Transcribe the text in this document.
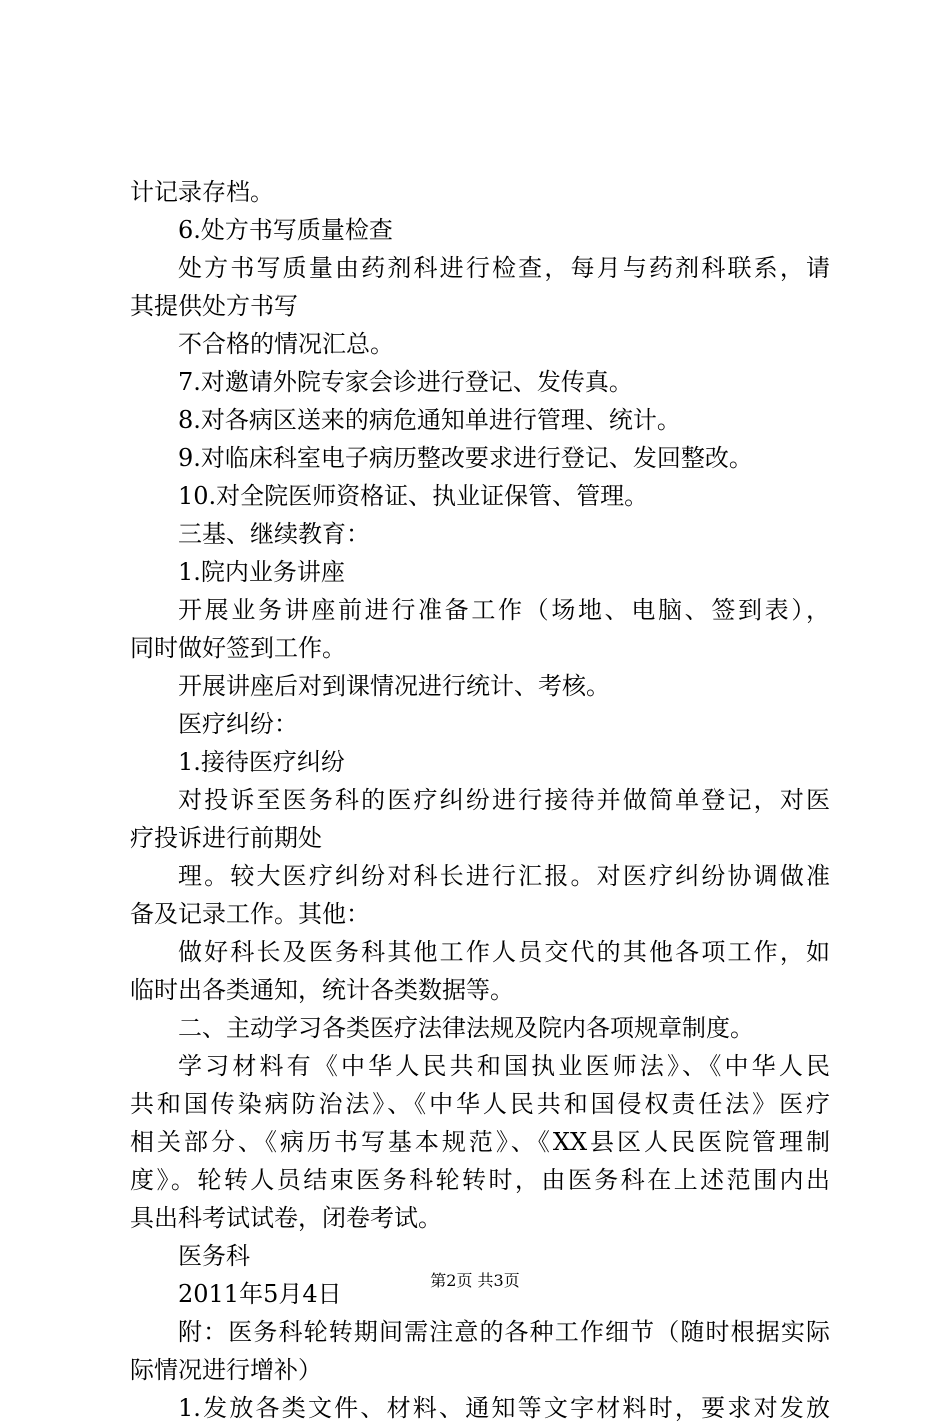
计记录存档。
6.处方书写质量检查
处方书写质量由药剂科进行检查，每月与药剂科联系，请
其提供处方书写
不合格的情况汇总。
7.对邀请外院专家会诊进行登记、发传真。
8.对各病区送来的病危通知单进行管理、统计。
9.对临床科室电子病历整改要求进行登记、发回整改。
10.对全院医师资格证、执业证保管、管理。
三基、继续教育：
1.院内业务讲座
开展业务讲座前进行准备工作（场地、电脑、签到表），
同时做好签到工作。
开展讲座后对到课情况进行统计、考核。
医疗纠纷：
1.接待医疗纠纷
对投诉至医务科的医疗纠纷进行接待并做简单登记，对医
疗投诉进行前期处
理。较大医疗纠纷对科长进行汇报。对医疗纠纷协调做准
备及记录工作。其他：
做好科长及医务科其他工作人员交代的其他各项工作，如
临时出各类通知，统计各类数据等。
二、主动学习各类医疗法律法规及院内各项规章制度。
学习材料有《中华人民共和国执业医师法》、《中华人民
共和国传染病防治法》、《中华人民共和国侵权责任法》医疗
相关部分、《病历书写基本规范》、《XX县区人民医院管理制
度》。轮转人员结束医务科轮转时，由医务科在上述范围内出
具出科考试试卷，闭卷考试。
医务科
2011年5月4日
附：医务科轮转期间需注意的各种工作细节（随时根据实际
际情况进行增补）
1.发放各类文件、材料、通知等文字材料时，要求对发放
第2页 共3页
